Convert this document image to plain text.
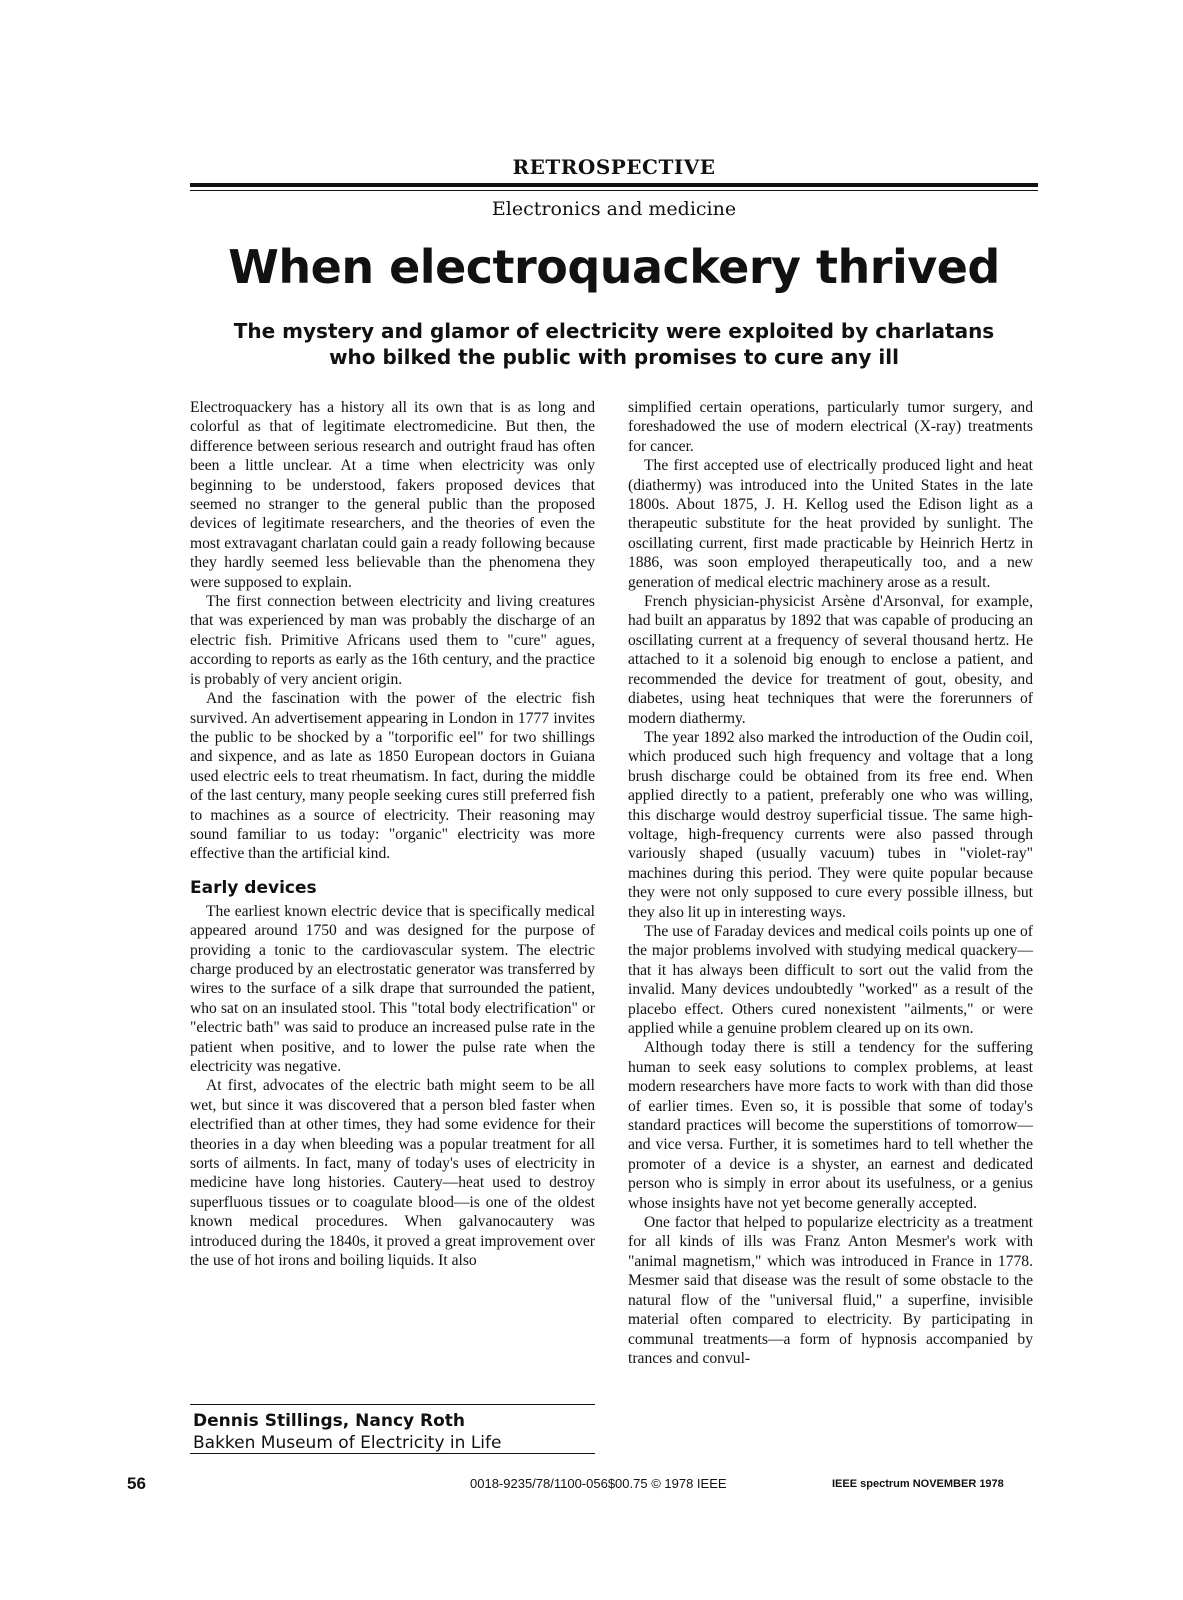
RETROSPECTIVE
Electronics and medicine
When electroquackery thrived
The mystery and glamor of electricity were exploited by charlatans
who bilked the public with promises to cure any ill

Electroquackery has a history all its own that is as long and colorful as that of legitimate electromedicine. But then, the difference between serious research and outright fraud has often been a little unclear. At a time when electricity was only beginning to be understood, fakers proposed devices that seemed no stranger to the general public than the proposed devices of legitimate researchers, and the theories of even the most extravagant charlatan could gain a ready following because they hardly seemed less believable than the phenomena they were supposed to explain.

The first connection between electricity and living creatures that was experienced by man was probably the discharge of an electric fish. Primitive Africans used them to "cure" agues, according to reports as early as the 16th century, and the practice is probably of very ancient origin.

And the fascination with the power of the electric fish survived. An advertisement appearing in London in 1777 invites the public to be shocked by a "torporific eel" for two shillings and sixpence, and as late as 1850 European doctors in Guiana used electric eels to treat rheumatism. In fact, during the middle of the last century, many people seeking cures still preferred fish to machines as a source of electricity. Their reasoning may sound familiar to us today: "organic" electricity was more effective than the artificial kind.

Early devices

The earliest known electric device that is specifically medical appeared around 1750 and was designed for the purpose of providing a tonic to the cardiovascular system. The electric charge produced by an electrostatic generator was transferred by wires to the surface of a silk drape that surrounded the patient, who sat on an insulated stool. This "total body electrification" or "electric bath" was said to produce an increased pulse rate in the patient when positive, and to lower the pulse rate when the electricity was negative.

At first, advocates of the electric bath might seem to be all wet, but since it was discovered that a person bled faster when electrified than at other times, they had some evidence for their theories in a day when bleeding was a popular treatment for all sorts of ailments. In fact, many of today's uses of electricity in medicine have long histories. Cautery—heat used to destroy superfluous tissues or to coagulate blood—is one of the oldest known medical procedures. When galvanocautery was introduced during the 1840s, it proved a great improvement over the use of hot irons and boiling liquids. It also

simplified certain operations, particularly tumor surgery, and foreshadowed the use of modern electrical (X-ray) treatments for cancer.

The first accepted use of electrically produced light and heat (diathermy) was introduced into the United States in the late 1800s. About 1875, J. H. Kellog used the Edison light as a therapeutic substitute for the heat provided by sunlight. The oscillating current, first made practicable by Heinrich Hertz in 1886, was soon employed therapeutically too, and a new generation of medical electric machinery arose as a result.

French physician-physicist Arsène d'Arsonval, for example, had built an apparatus by 1892 that was capable of producing an oscillating current at a frequency of several thousand hertz. He attached to it a solenoid big enough to enclose a patient, and recommended the device for treatment of gout, obesity, and diabetes, using heat techniques that were the forerunners of modern diathermy.

The year 1892 also marked the introduction of the Oudin coil, which produced such high frequency and voltage that a long brush discharge could be obtained from its free end. When applied directly to a patient, preferably one who was willing, this discharge would destroy superficial tissue. The same high-voltage, high-frequency currents were also passed through variously shaped (usually vacuum) tubes in "violet-ray" machines during this period. They were quite popular because they were not only supposed to cure every possible illness, but they also lit up in interesting ways.

The use of Faraday devices and medical coils points up one of the major problems involved with studying medical quackery—that it has always been difficult to sort out the valid from the invalid. Many devices undoubtedly "worked" as a result of the placebo effect. Others cured nonexistent "ailments," or were applied while a genuine problem cleared up on its own.

Although today there is still a tendency for the suffering human to seek easy solutions to complex problems, at least modern researchers have more facts to work with than did those of earlier times. Even so, it is possible that some of today's standard practices will become the superstitions of tomorrow—and vice versa. Further, it is sometimes hard to tell whether the promoter of a device is a shyster, an earnest and dedicated person who is simply in error about its usefulness, or a genius whose insights have not yet become generally accepted.

One factor that helped to popularize electricity as a treatment for all kinds of ills was Franz Anton Mesmer's work with "animal magnetism," which was introduced in France in 1778. Mesmer said that disease was the result of some obstacle to the natural flow of the "universal fluid," a superfine, invisible material often compared to electricity. By participating in communal treatments—a form of hypnosis accompanied by trances and convul-

Dennis Stillings, Nancy Roth
Bakken Museum of Electricity in Life
56	0018-9235/78/1100-056$00.75 © 1978 IEEE	IEEE spectrum NOVEMBER 1978
